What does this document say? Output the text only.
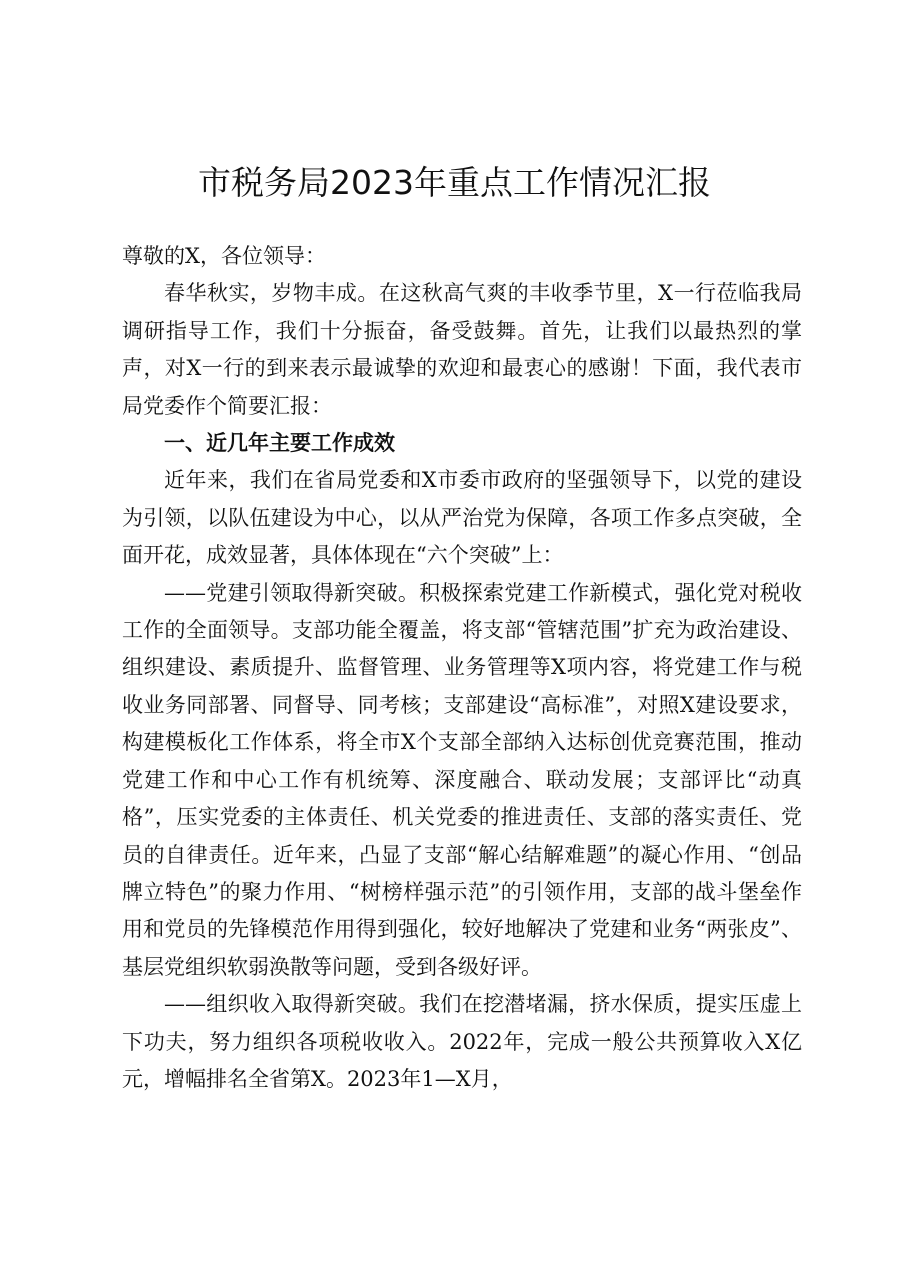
市税务局2023年重点工作情况汇报

尊敬的X，各位领导：

春华秋实，岁物丰成。在这秋高气爽的丰收季节里，X一行莅临我局调研指导工作，我们十分振奋，备受鼓舞。首先，让我们以最热烈的掌声，对X一行的到来表示最诚挚的欢迎和最衷心的感谢！下面，我代表市局党委作个简要汇报：

一、近几年主要工作成效

近年来，我们在省局党委和X市委市政府的坚强领导下，以党的建设为引领，以队伍建设为中心，以从严治党为保障，各项工作多点突破，全面开花，成效显著，具体体现在“六个突破”上：

——党建引领取得新突破。积极探索党建工作新模式，强化党对税收工作的全面领导。支部功能全覆盖，将支部“管辖范围”扩充为政治建设、组织建设、素质提升、监督管理、业务管理等X项内容，将党建工作与税收业务同部署、同督导、同考核；支部建设“高标准”，对照X建设要求，构建模板化工作体系，将全市X个支部全部纳入达标创优竞赛范围，推动党建工作和中心工作有机统筹、深度融合、联动发展；支部评比“动真格”，压实党委的主体责任、机关党委的推进责任、支部的落实责任、党员的自律责任。近年来，凸显了支部“解心结解难题”的凝心作用、“创品牌立特色”的聚力作用、“树榜样强示范”的引领作用，支部的战斗堡垒作用和党员的先锋模范作用得到强化，较好地解决了党建和业务“两张皮”、基层党组织软弱涣散等问题，受到各级好评。

——组织收入取得新突破。我们在挖潜堵漏，挤水保质，提实压虚上下功夫，努力组织各项税收收入。2022年，完成一般公共预算收入X亿元，增幅排名全省第X。2023年1—X月，
